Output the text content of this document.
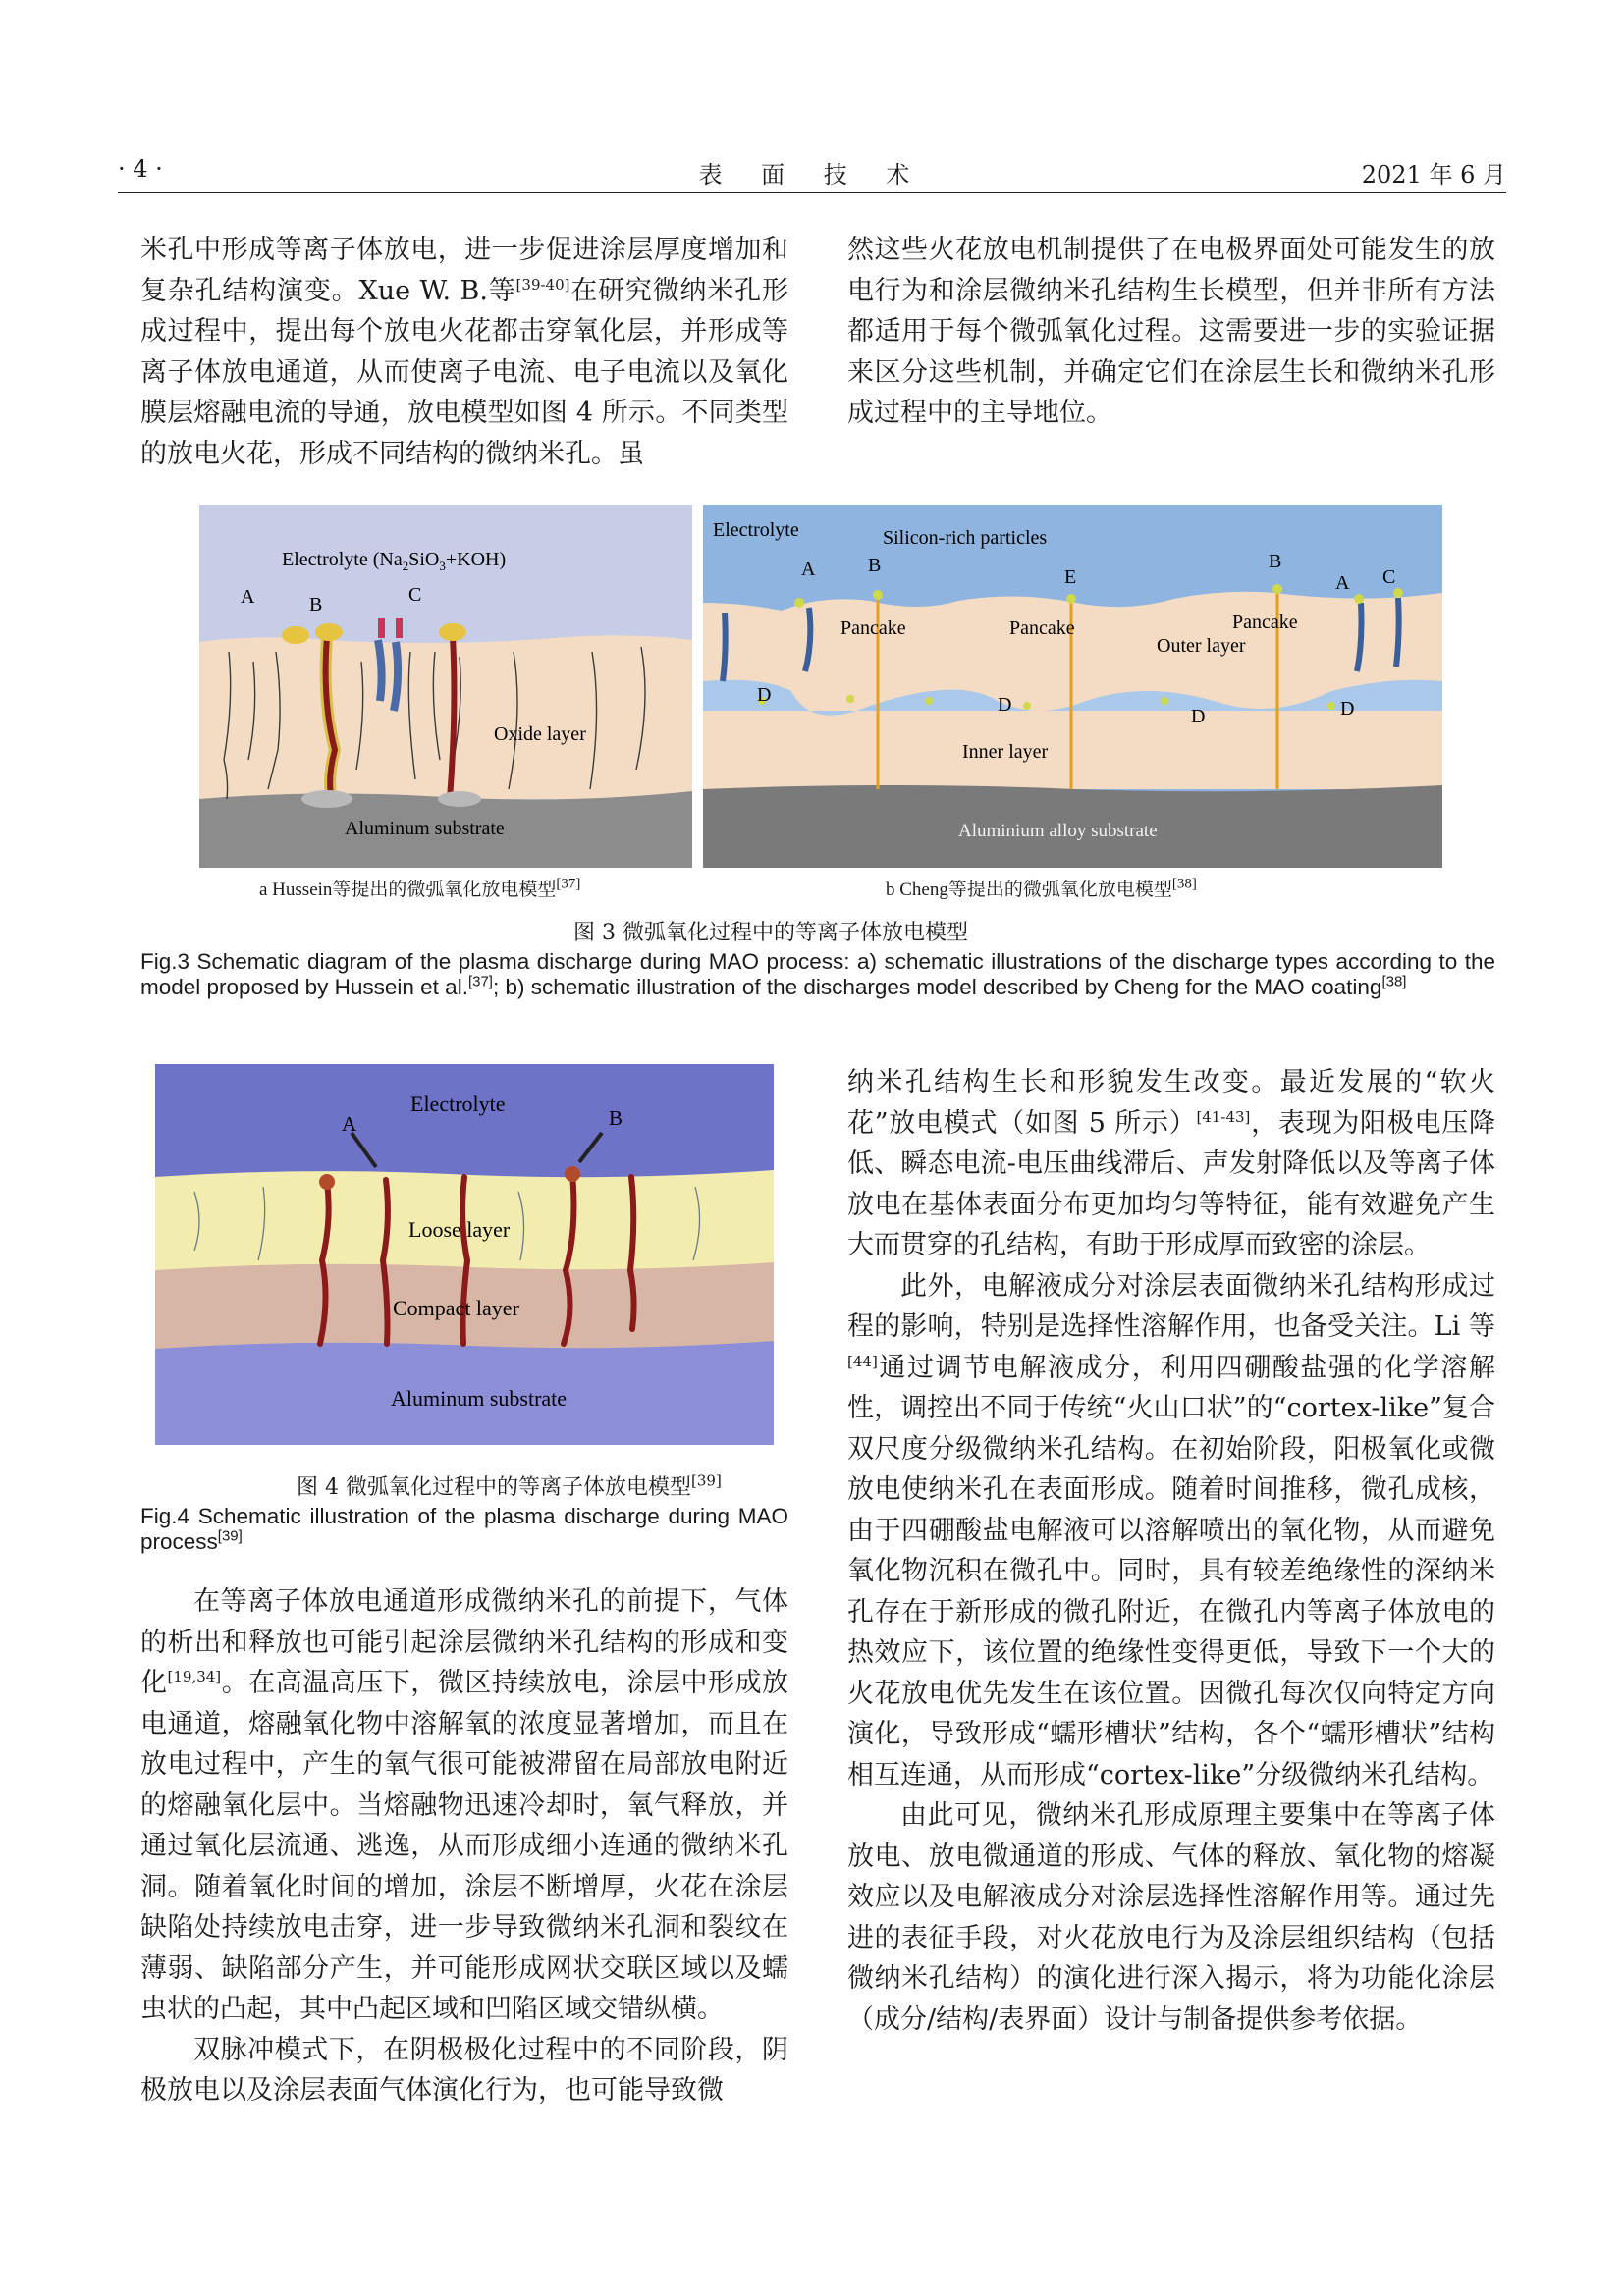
· 4 ·	表 面 技 术	2021 年 6 月

米孔中形成等离子体放电，进一步促进涂层厚度增加和复杂孔结构演变。Xue W. B.等[39-40]在研究微纳米孔形成过程中，提出每个放电火花都击穿氧化层，并形成等离子体放电通道，从而使离子电流、电子电流以及氧化膜层熔融电流的导通，放电模型如图 4 所示。不同类型的放电火花，形成不同结构的微纳米孔。虽

然这些火花放电机制提供了在电极界面处可能发生的放电行为和涂层微纳米孔结构生长模型，但并非所有方法都适用于每个微弧氧化过程。这需要进一步的实验证据来区分这些机制，并确定它们在涂层生长和微纳米孔形成过程中的主导地位。

Electrolyte $(Na_2SiO_3+KOH)$
A	B	C
Oxide layer
Aluminum substrate
Electrolyte	Silicon-rich particles
A	B
E
B
A C
Pancake	Pancake	Pancake
Outer layer
D	D
D	D
Inner layer
Aluminium alloy substrate
a Hussein等提出的微弧氧化放电模型[37]	b Cheng等提出的微弧氧化放电模型[38]
图 3 微弧氧化过程中的等离子体放电模型
Fig.3 Schematic diagram of the plasma discharge during MAO process: a) schematic illustrations of the discharge types according to the model proposed by Hussein et al.[37]; b) schematic illustration of the discharges model described by Cheng for the MAO coating[38]
Electrolyte
A	B
Loose layer
Compact layer
Aluminum substrate
图 4 微弧氧化过程中的等离子体放电模型[39]
Fig.4 Schematic illustration of the plasma discharge during MAO process[39]

在等离子体放电通道形成微纳米孔的前提下，气体的析出和释放也可能引起涂层微纳米孔结构的形成和变化[19,34]。在高温高压下，微区持续放电，涂层中形成放电通道，熔融氧化物中溶解氧的浓度显著增加，而且在放电过程中，产生的氧气很可能被滞留在局部放电附近的熔融氧化层中。当熔融物迅速冷却时，氧气释放，并通过氧化层流通、逃逸，从而形成细小连通的微纳米孔洞。随着氧化时间的增加，涂层不断增厚，火花在涂层缺陷处持续放电击穿，进一步导致微纳米孔洞和裂纹在薄弱、缺陷部分产生，并可能形成网状交联区域以及蠕虫状的凸起，其中凸起区域和凹陷区域交错纵横。

双脉冲模式下，在阴极极化过程中的不同阶段，阴极放电以及涂层表面气体演化行为，也可能导致微

纳米孔结构生长和形貌发生改变。最近发展的“软火花”放电模式（如图 5 所示）[41-43]，表现为阳极电压降低、瞬态电流-电压曲线滞后、声发射降低以及等离子体放电在基体表面分布更加均匀等特征，能有效避免产生大而贯穿的孔结构，有助于形成厚而致密的涂层。

此外，电解液成分对涂层表面微纳米孔结构形成过程的影响，特别是选择性溶解作用，也备受关注。Li 等[44]通过调节电解液成分，利用四硼酸盐强的化学溶解性，调控出不同于传统“火山口状”的“cortex-like”复合双尺度分级微纳米孔结构。在初始阶段，阳极氧化或微放电使纳米孔在表面形成。随着时间推移，微孔成核，由于四硼酸盐电解液可以溶解喷出的氧化物，从而避免氧化物沉积在微孔中。同时，具有较差绝缘性的深纳米孔存在于新形成的微孔附近，在微孔内等离子体放电的热效应下，该位置的绝缘性变得更低，导致下一个大的火花放电优先发生在该位置。因微孔每次仅向特定方向演化，导致形成“蠕形槽状”结构，各个“蠕形槽状”结构相互连通，从而形成“cortex-like”分级微纳米孔结构。

由此可见，微纳米孔形成原理主要集中在等离子体放电、放电微通道的形成、气体的释放、氧化物的熔凝效应以及电解液成分对涂层选择性溶解作用等。通过先进的表征手段，对火花放电行为及涂层组织结构（包括微纳米孔结构）的演化进行深入揭示，将为功能化涂层（成分/结构/表界面）设计与制备提供参考依据。
